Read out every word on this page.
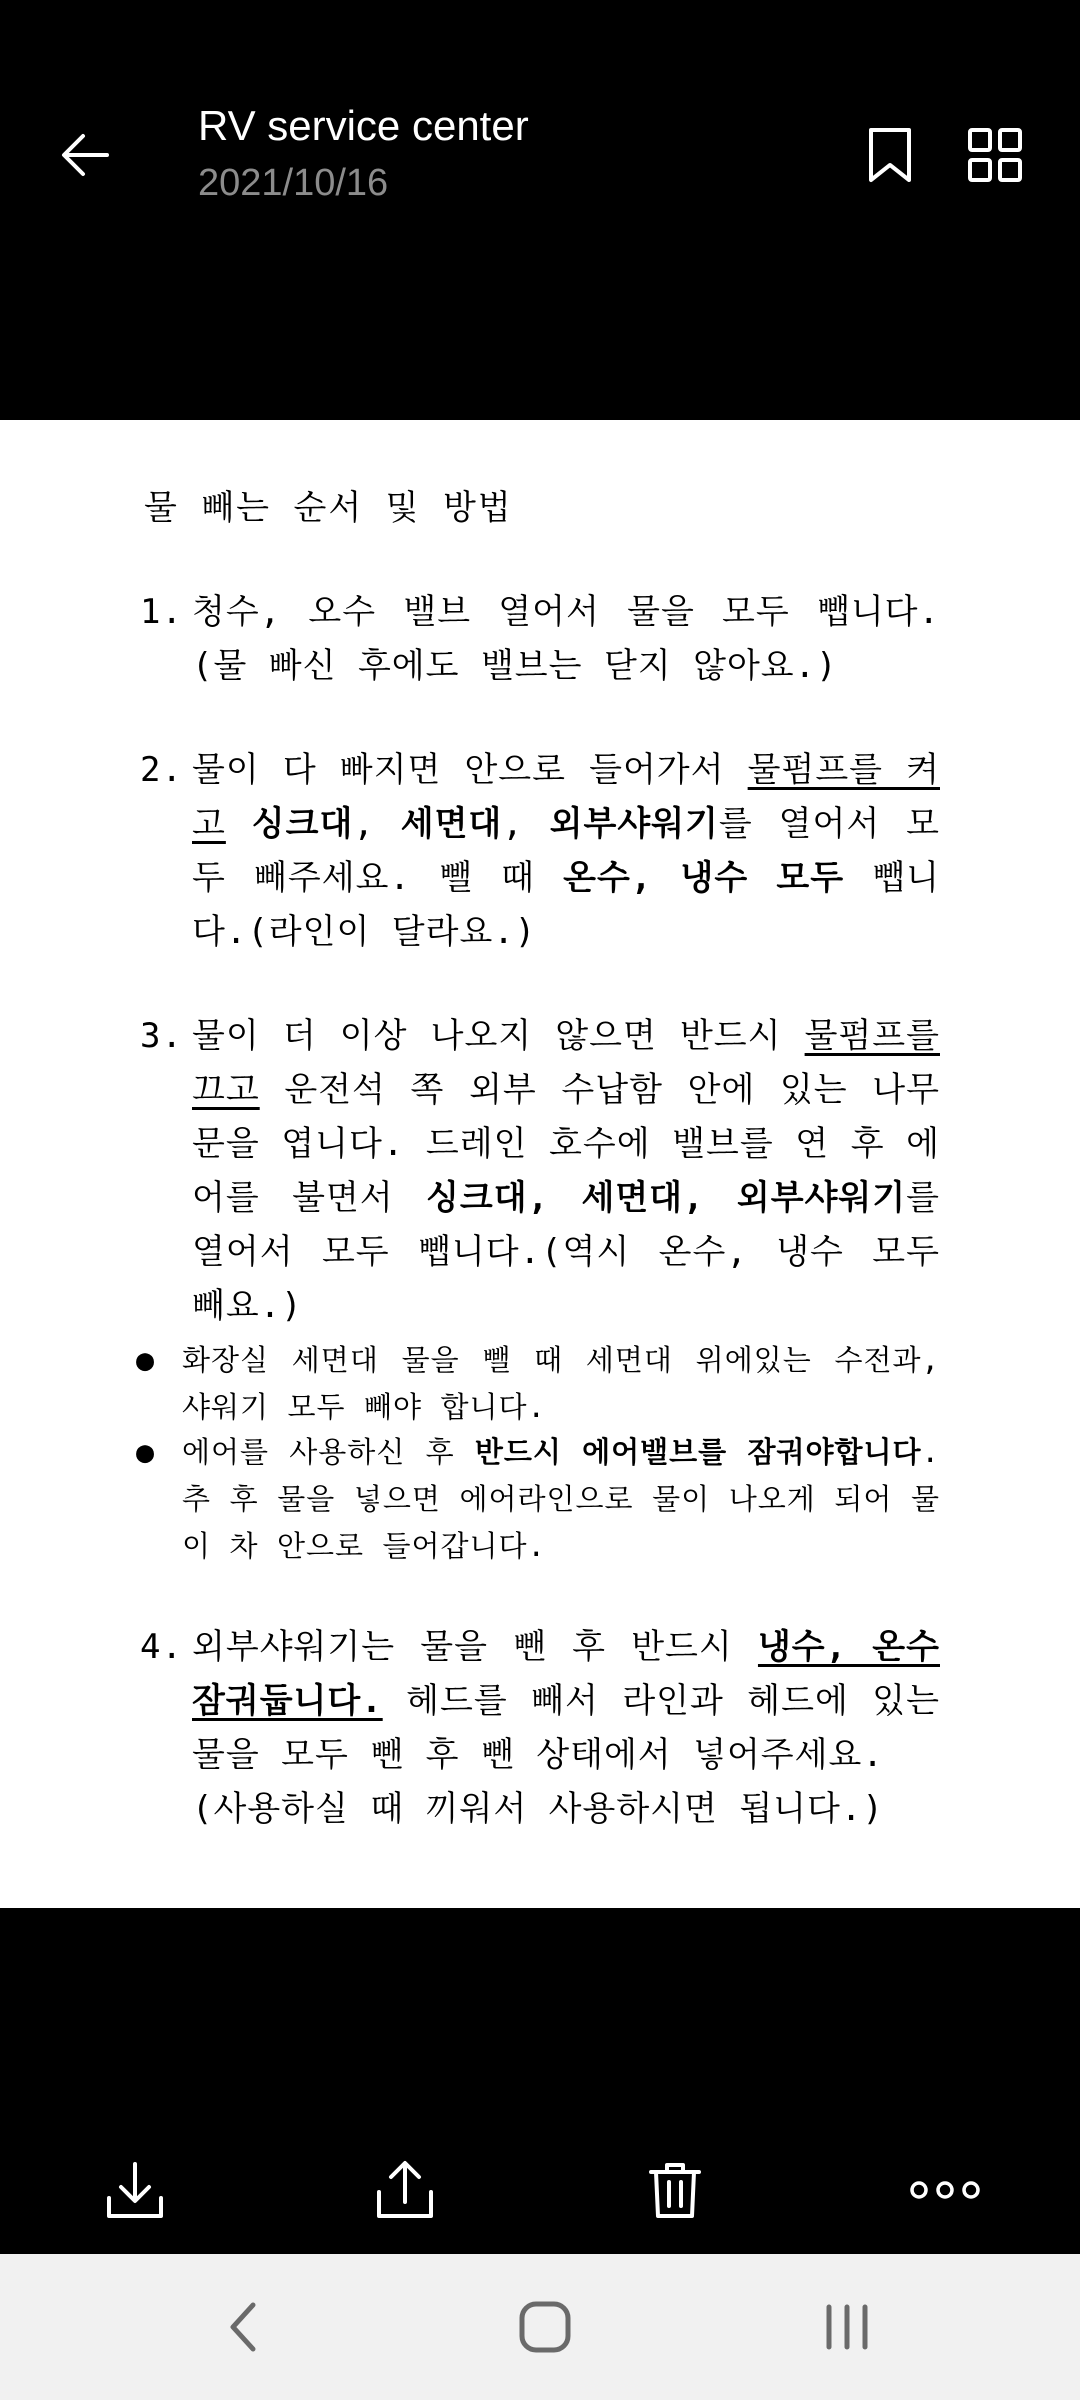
RV service center
2021/10/16
물 빼는 순서 및 방법
1. 청수, 오수 밸브 열어서 물을 모두 뺍니다.(물 빠신 후에도 밸브는 닫지 않아요.)
2. 물이 다 빠지면 안으로 들어가서 물펌프를 켜고 싱크대, 세면대, 외부샤워기를 열어서 모두 빼주세요. 뺄 때 온수, 냉수 모두 뺍니다.(라인이 달라요.)
3. 물이 더 이상 나오지 않으면 반드시 물펌프를 끄고 운전석 쪽 외부 수납함 안에 있는 나무문을 엽니다. 드레인 호수에 밸브를 연 후 에어를 불면서 싱크대, 세면대, 외부샤워기를 열어서 모두 뺍니다.(역시 온수, 냉수 모두 빼요.)
● 화장실 세면대 물을 뺄 때 세면대 위에있는 수전과, 샤워기 모두 빼야 합니다.
● 에어를 사용하신 후 반드시 에어밸브를 잠궈야합니다. 추 후 물을 넣으면 에어라인으로 물이 나오게 되어 물이 차 안으로 들어갑니다.
4. 외부샤워기는 물을 뺀 후 반드시 냉수, 온수 잠궈둡니다. 헤드를 빼서 라인과 헤드에 있는 물을 모두 뺀 후 뺀 상태에서 넣어주세요.
(사용하실 때 끼워서 사용하시면 됩니다.)
